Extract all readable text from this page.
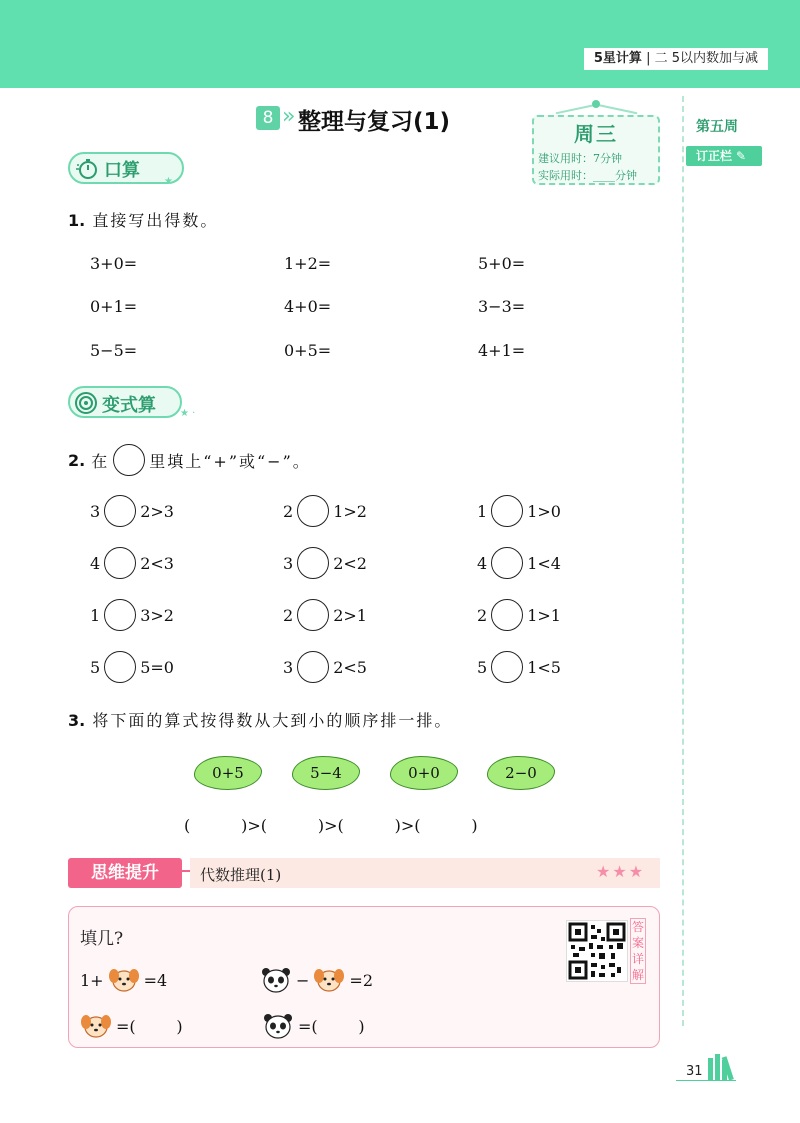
5星计算 | 二 5以内数加与减
第五周
订正栏 ✎
8 » 整理与复习(1)	周三
建议用时：7分钟
实际用时：____分钟
口算
★ ·
1. 直接写出得数。
3+0=	1+2=	5+0=
0+1=	4+0=	3−3=
5−5=	0+5=	4+1=
变式算 ★ ·
2. 在	里填上“+”或“−”。
3	2>3	2	1>2	1	1>0
4	2<3	3	2<2	4	1<4
1	3>2	2	2>1	2	1>1
5	5=0	3	2<5	5	1<5
3. 将下面的算式按得数从大到小的顺序排一排。
0+5	5−4	0+0	2−0
(          )>(          )>(          )>(          )
思维提升	代数推理(1)	★★★
填几?
1+	=4	−	=2
=(        )	=(        )
答案详解
31
